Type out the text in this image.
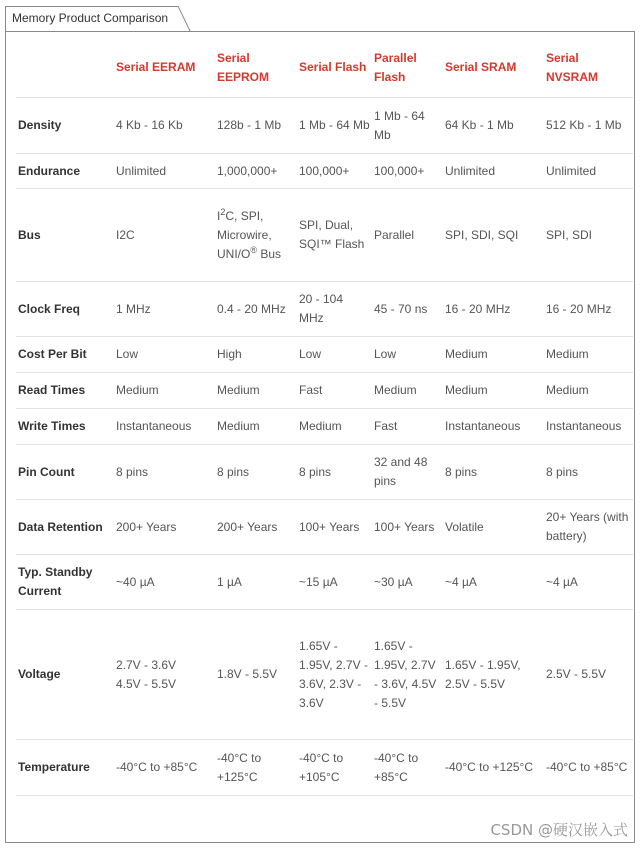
Memory Product Comparison
	Serial EERAM	Serial EEPROM	Serial Flash	Parallel Flash	Serial SRAM	Serial NVSRAM
Density	4 Kb - 16 Kb	128b - 1 Mb	1 Mb - 64 Mb	1 Mb - 64 Mb	64 Kb - 1 Mb	512 Kb - 1 Mb
Endurance	Unlimited	1,000,000+	100,000+	100,000+	Unlimited	Unlimited
Bus	I2C	$I^2C$, SPI, Microwire, UNI/O® Bus	SPI, Dual, SQI™ Flash	Parallel	SPI, SDI, SQI	SPI, SDI
Clock Freq	1 MHz	0.4 - 20 MHz	20 - 104 MHz	45 - 70 ns	16 - 20 MHz	16 - 20 MHz
Cost Per Bit	Low	High	Low	Low	Medium	Medium
Read Times	Medium	Medium	Fast	Medium	Medium	Medium
Write Times	Instantaneous	Medium	Medium	Fast	Instantaneous	Instantaneous
Pin Count	8 pins	8 pins	8 pins	32 and 48 pins	8 pins	8 pins
Data Retention	200+ Years	200+ Years	100+ Years	100+ Years	Volatile	20+ Years (with battery)
Typ. Standby Current	~40 µA	1 µA	~15 µA	~30 µA	~4 µA	~4 µA
Voltage	2.7V - 3.6V
4.5V - 5.5V	1.8V - 5.5V	1.65V - 1.95V, 2.7V - 3.6V, 2.3V - 3.6V	1.65V - 1.95V, 2.7V - 3.6V, 4.5V - 5.5V	1.65V - 1.95V, 2.5V - 5.5V	2.5V - 5.5V
Temperature	-40°C to +85°C	-40°C to +125°C	-40°C to +105°C	-40°C to +85°C	-40°C to +125°C	-40°C to +85°C
CSDN @硬汉嵌入式
